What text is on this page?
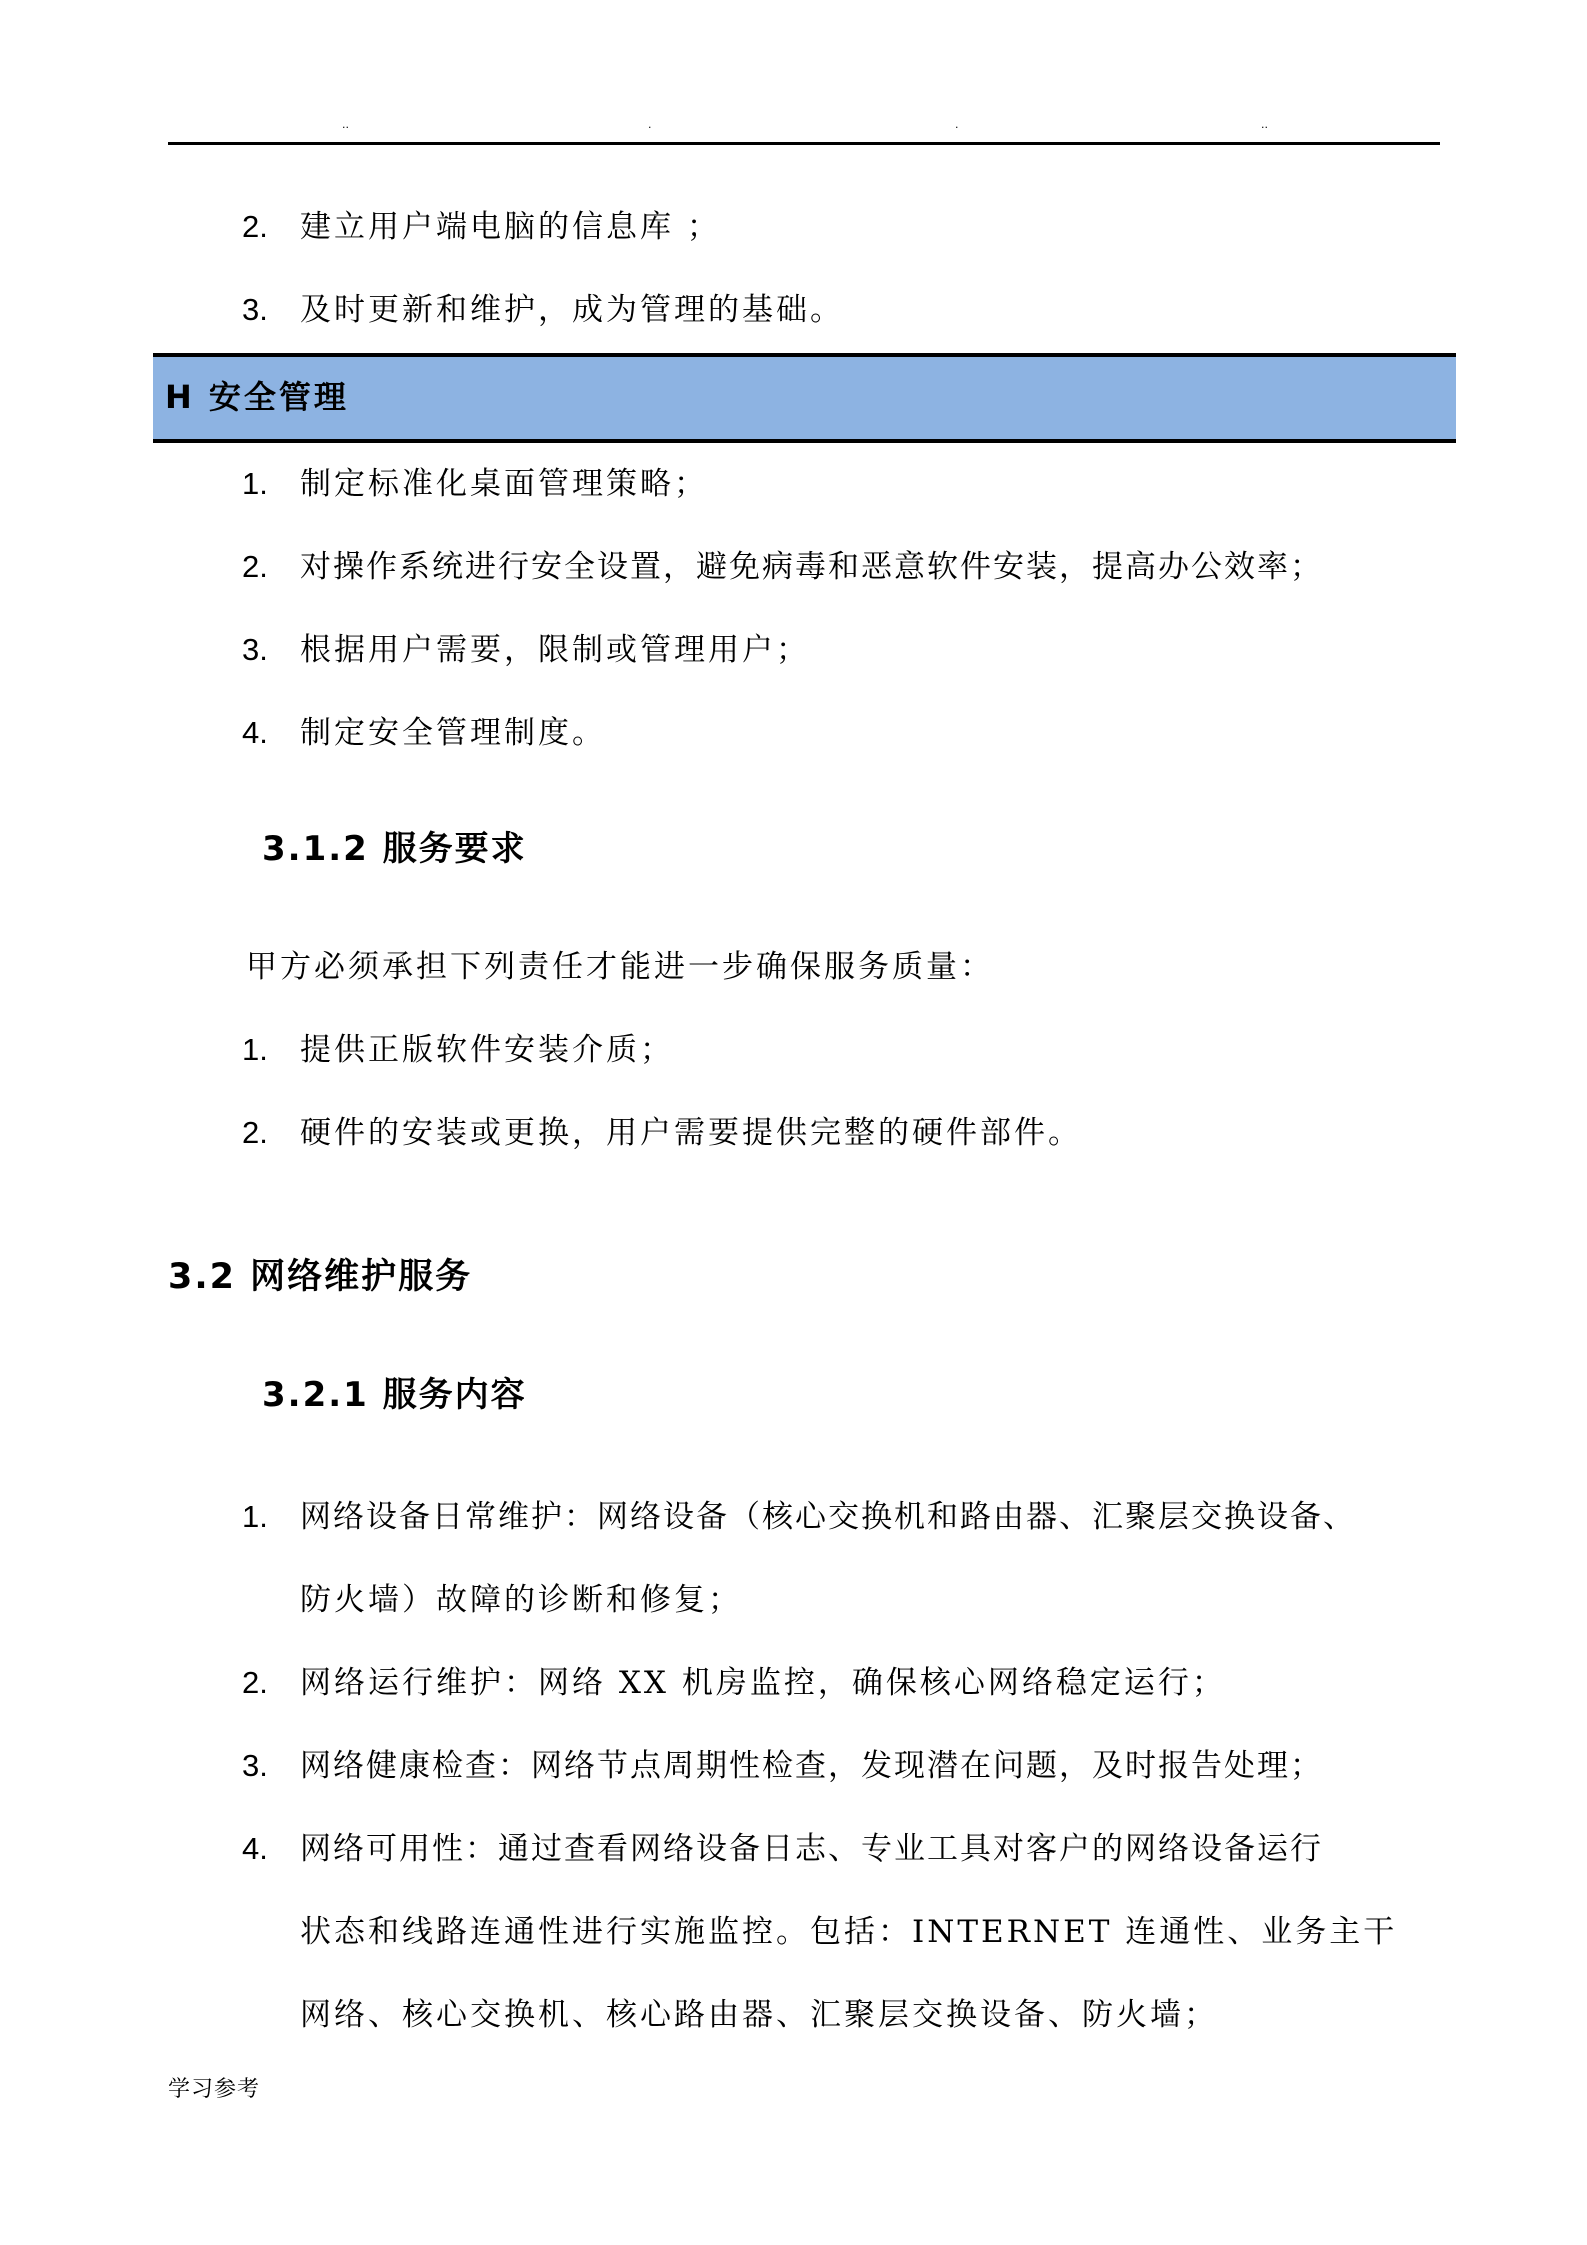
..	.	.	..
2. 建立用户端电脑的信息库 ；
3. 及时更新和维护，成为管理的基础。
H 安全管理
1. 制定标准化桌面管理策略；
2. 对操作系统进行安全设置，避免病毒和恶意软件安装，提高办公效率；
3. 根据用户需要，限制或管理用户；
4. 制定安全管理制度。
3.1.2 服务要求
甲方必须承担下列责任才能进一步确保服务质量：
1. 提供正版软件安装介质；
2. 硬件的安装或更换，用户需要提供完整的硬件部件。
3.2 网络维护服务
3.2.1 服务内容
1. 网络设备日常维护：网络设备（核心交换机和路由器、汇聚层交换设备、
防火墙）故障的诊断和修复；
2. 网络运行维护：网络 XX 机房监控，确保核心网络稳定运行；
3. 网络健康检查：网络节点周期性检查，发现潜在问题，及时报告处理；
4. 网络可用性：通过查看网络设备日志、专业工具对客户的网络设备运行
状态和线路连通性进行实施监控。包括：INTERNET 连通性、业务主干
网络、核心交换机、核心路由器、汇聚层交换设备、防火墙；
学习参考
